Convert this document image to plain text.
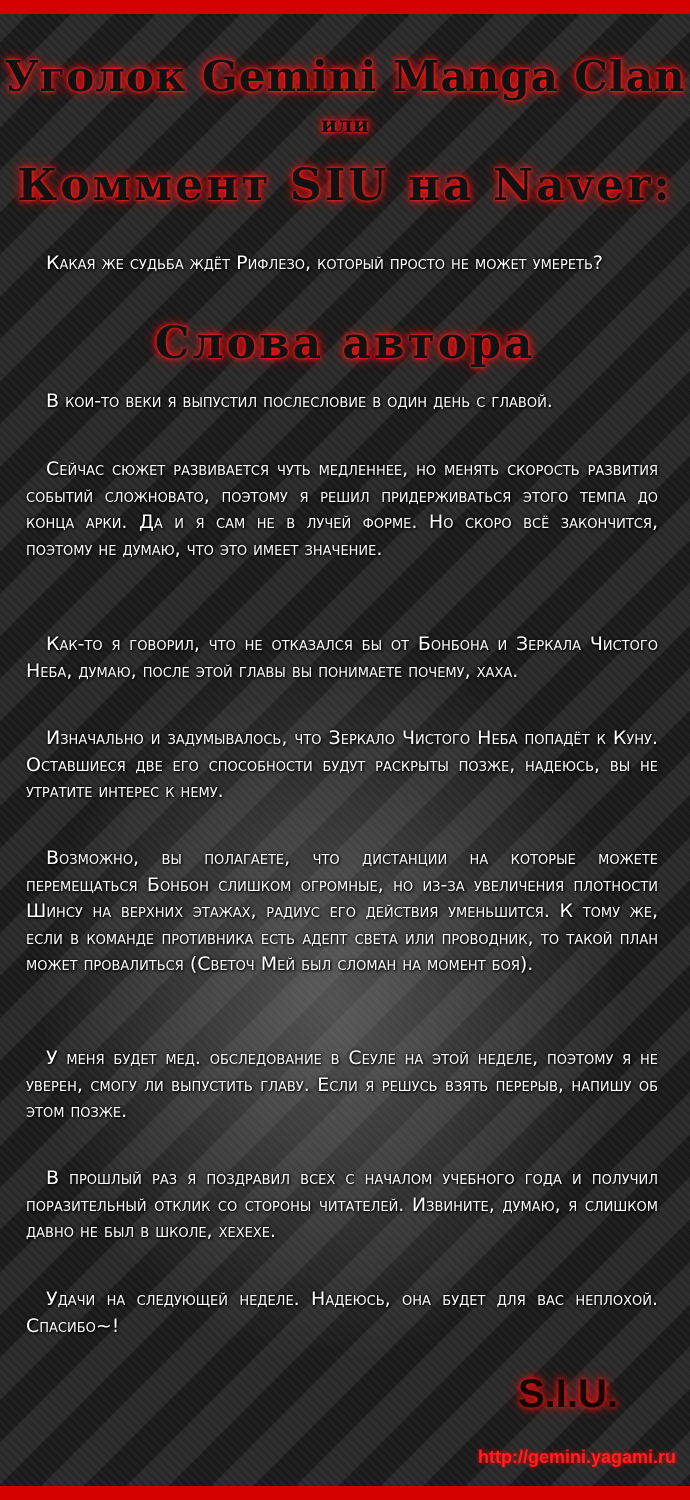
Уголок Gemini Manga Clan
или
Коммент SIU на Naver:

Какая же судьба ждёт Рифлезо, который просто не может умереть?

Слова автора

В кои-то веки я выпустил послесловие в один день с главой.

Сейчас сюжет развивается чуть медленнее, но менять скорость развития событий сложновато, поэтому я решил придерживаться этого темпа до конца арки. Да и я сам не в лучей форме. Но скоро всё закончится, поэтому не думаю, что это имеет значение.

Как-то я говорил, что не отказался бы от Бонбона и Зеркала Чистого Неба, думаю, после этой главы вы понимаете почему, хаха.

Изначально и задумывалось, что Зеркало Чистого Неба попадёт к Куну. Оставшиеся две его способности будут раскрыты позже, надеюсь, вы не утратите интерес к нему.

Возможно, вы полагаете, что дистанции на которые можете перемещаться Бонбон слишком огромные, но из-за увеличения плотности Шинсу на верхних этажах, радиус его действия уменьшится. К тому же, если в команде противника есть адепт света или проводник, то такой план может провалиться (Светоч Мей был сломан на момент боя).

У меня будет мед. обследование в Сеуле на этой неделе, поэтому я не уверен, смогу ли выпустить главу. Если я решусь взять перерыв, напишу об этом позже.

В прошлый раз я поздравил всех с началом учебного года и получил поразительный отклик со стороны читателей. Извините, думаю, я слишком давно не был в школе, хехехе.

Удачи на следующей неделе. Надеюсь, она будет для вас неплохой. Спасибо~!

S.I.U.
http://gemini.yagami.ru
